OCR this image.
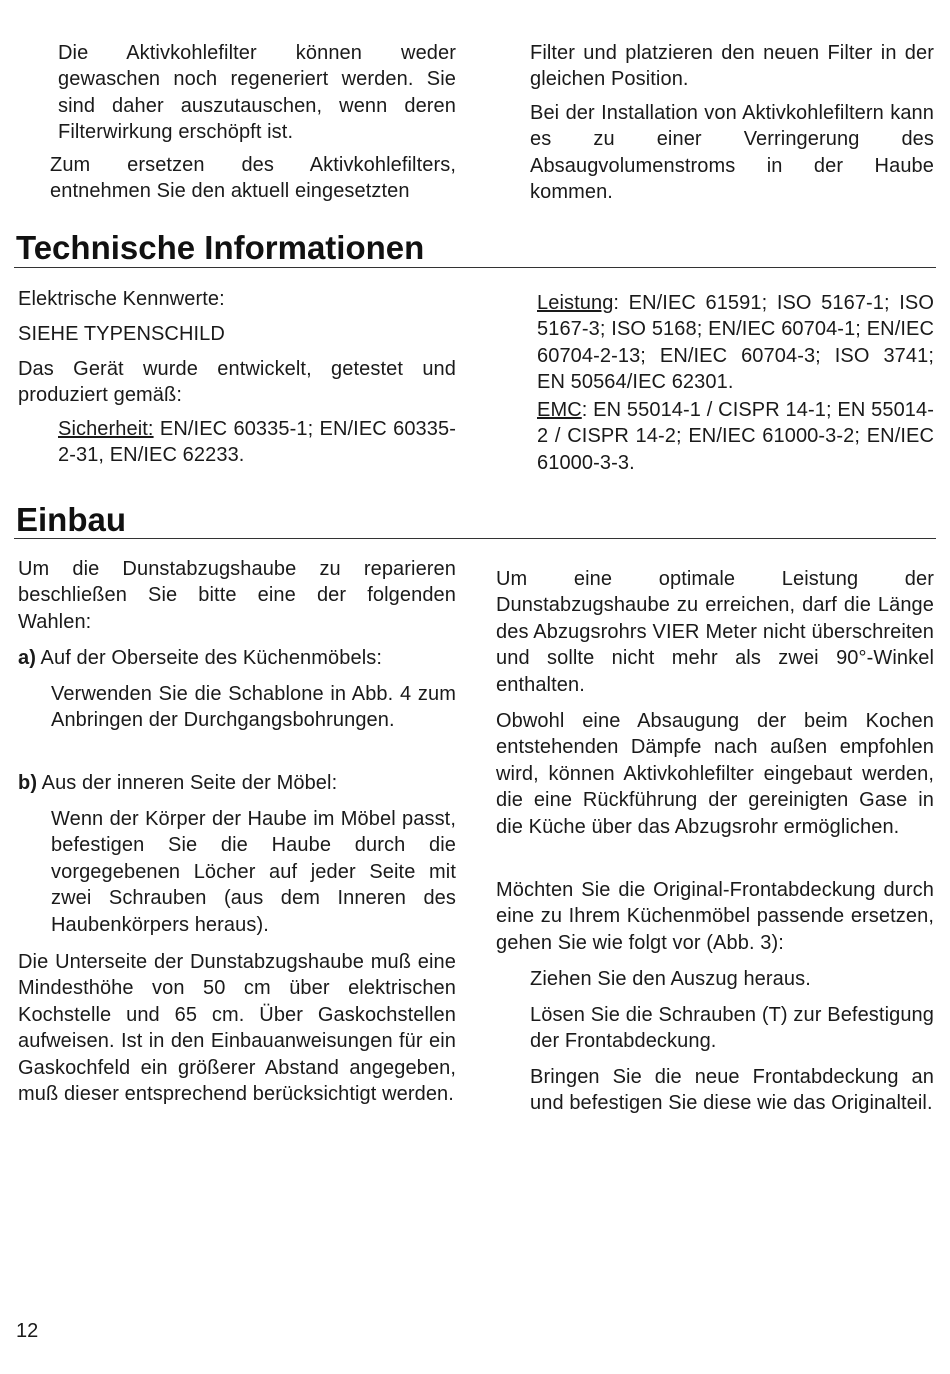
Die Aktivkohlefilter können weder gewaschen noch regeneriert werden. Sie sind daher auszutauschen, wenn deren Filterwirkung erschöpft ist.

Zum ersetzen des Aktivkohlefilters, entnehmen Sie den aktuell eingesetzten

Filter und platzieren den neuen Filter in der gleichen Position.

Bei der Installation von Aktivkohlefiltern kann es zu einer Verringerung des Absaugvolumenstroms in der Haube kommen.

Technische Informationen

Elektrische Kennwerte:

SIEHE TYPENSCHILD

Das Gerät wurde entwickelt, getestet und produziert gemäß:

Sicherheit: EN/IEC 60335-1; EN/IEC 60335-2-31, EN/IEC 62233.

Leistung: EN/IEC 61591; ISO 5167-1; ISO 5167-3; ISO 5168; EN/IEC 60704-1; EN/IEC 60704-2-13; EN/IEC 60704-3; ISO 3741; EN 50564/IEC 62301.

EMC: EN 55014-1 / CISPR 14-1; EN 55014-2 / CISPR 14-2; EN/IEC 61000-3-2; EN/IEC 61000-3-3.

Einbau

Um die Dunstabzugshaube zu reparieren beschließen Sie bitte eine der folgenden Wahlen:

a) Auf der Oberseite des Küchenmöbels:

Verwenden Sie die Schablone in Abb. 4 zum Anbringen der Durchgangsbohrungen.

b) Aus der inneren Seite der Möbel:

Wenn der Körper der Haube im Möbel passt, befestigen Sie die Haube durch die vorgegebenen Löcher auf jeder Seite mit zwei Schrauben (aus dem Inneren des Haubenkörpers heraus).

Die Unterseite der Dunstabzugshaube muß eine Mindesthöhe von 50 cm über elektrischen Kochstelle und 65 cm. Über Gaskochstellen aufweisen. Ist in den Einbauanweisungen für ein Gaskochfeld ein größerer Abstand angegeben, muß dieser entsprechend berücksichtigt werden.

Um eine optimale Leistung der Dunstabzugshaube zu erreichen, darf die Länge des Abzugsrohrs VIER Meter nicht überschreiten und sollte nicht mehr als zwei 90°-Winkel enthalten.

Obwohl eine Absaugung der beim Kochen entstehenden Dämpfe nach außen empfohlen wird, können Aktivkohlefilter eingebaut werden, die eine Rückführung der gereinigten Gase in die Küche über das Abzugsrohr ermöglichen.

Möchten Sie die Original-Frontabdeckung durch eine zu Ihrem Küchenmöbel passende ersetzen, gehen Sie wie folgt vor (Abb. 3):

Ziehen Sie den Auszug heraus.

Lösen Sie die Schrauben (T) zur Befestigung der Frontabdeckung.

Bringen Sie die neue Frontabdeckung an und befestigen Sie diese wie das Originalteil.

12
